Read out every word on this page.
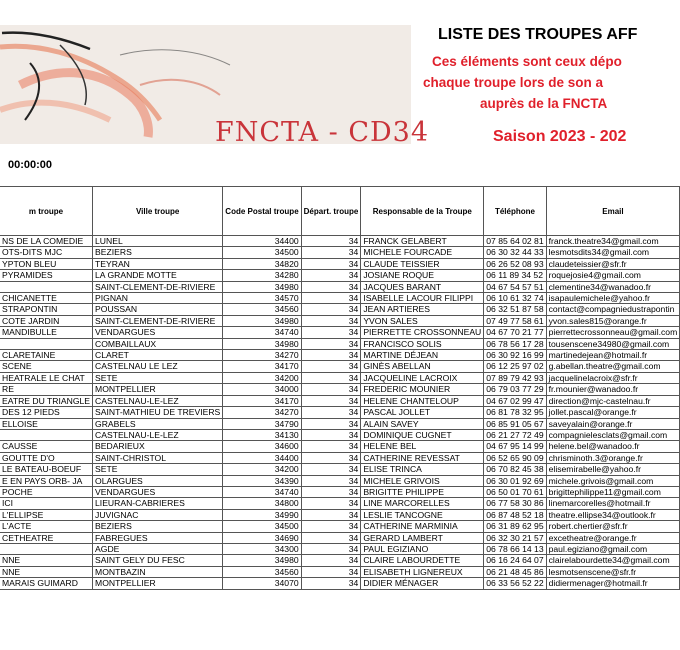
FNCTA - CD34
LISTE DES TROUPES AFF
Ces éléments sont ceux dépo
chaque troupe lors de son a
auprès de la FNCTA
Saison 2023 - 202
00:00:00
m troupe	Ville troupe	Code Postal troupe	Départ. troupe	Responsable de la Troupe	Téléphone	Email
NS DE LA COMEDIE	LUNEL	34400	34	FRANCK GELABERT	07 85 64 02 81	franck.theatre34@gmail.com
OTS-DITS MJC	BEZIERS	34500	34	MICHELE FOURCADE	06 30 32 44 33	lesmotsdits34@gmail.com
YPTON BLEU	TEYRAN	34820	34	CLAUDE TEISSIER	06 26 52 08 93	claudeteissier@sfr.fr
PYRAMIDES	LA GRANDE MOTTE	34280	34	JOSIANE ROQUE	06 11 89 34 52	roquejosie4@gmail.com
	SAINT-CLEMENT-DE-RIVIERE	34980	34	JACQUES BARANT	04 67 54 57 51	clementine34@wanadoo.fr
CHICANETTE	PIGNAN	34570	34	ISABELLE LACOUR FILIPPI	06 10 61 32 74	isapaulemichele@yahoo.fr
STRAPONTIN	POUSSAN	34560	34	JEAN ARTIERES	06 32 51 87 58	contact@compagniedustrapontin
COTE JARDIN	SAINT-CLEMENT-DE-RIVIERE	34980	34	YVON SALES	07 49 77 58 61	yvon.sales815@orange.fr
MANDIBULLE	VENDARGUES	34740	34	PIERRETTE CROSSONNEAU	04 67 70 21 77	pierrettecrossonneau@gmail.com
	COMBAILLAUX	34980	34	FRANCISCO SOLIS	06 78 56 17 28	tousenscene34980@gmail.com
CLARETAINE	CLARET	34270	34	MARTINE DÉJEAN	06 30 92 16 99	martinedejean@hotmail.fr
SCENE	CASTELNAU LE LEZ	34170	34	GINÈS ABELLAN	06 12 25 97 02	g.abellan.theatre@gmail.com
HEATRALE LE CHAT	SETE	34200	34	JACQUELINE LACROIX	07 89 79 42 93	jacquelinelacroix@sfr.fr
RE	MONTPELLIER	34000	34	FREDERIC MOUNIER	06 79 03 77 29	fr.mounier@wanadoo.fr
EATRE DU TRIANGLE	CASTELNAU-LE-LEZ	34170	34	HELENE CHANTELOUP	04 67 02 99 47	direction@mjc-castelnau.fr
DES 12 PIEDS	SAINT-MATHIEU DE TREVIERS	34270	34	PASCAL JOLLET	06 81 78 32 95	jollet.pascal@orange.fr
ELLOISE	GRABELS	34790	34	ALAIN SAVEY	06 85 91 05 67	saveyalain@orange.fr
	CASTELNAU-LE-LEZ	34130	34	DOMINIQUE CUGNET	06 21 27 72 49	compagnielesclats@gmail.com
CAUSSE	BEDARIEUX	34600	34	HELENE BEL	04 67 95 14 99	helene.bel@wanadoo.fr
GOUTTE D'O	SAINT-CHRISTOL	34400	34	CATHERINE REVESSAT	06 52 65 90 09	chrisminoth.3@orange.fr
LE BATEAU-BOEUF	SETE	34200	34	ELISE TRINCA	06 70 82 45 38	elisemirabelle@yahoo.fr
E EN PAYS ORB- JA	OLARGUES	34390	34	MICHELE GRIVOIS	06 30 01 92 69	michele.grivois@gmail.com
POCHE	VENDARGUES	34740	34	BRIGITTE PHILIPPE	06 50 01 70 61	brigittephilippe11@gmail.com
ICI	LIEURAN-CABRIERES	34800	34	LINE MARCORELLES	06 77 58 30 86	linemarcorelles@hotmail.fr
L'ELLIPSE	JUVIGNAC	34990	34	LESLIE TANCOGNE	06 87 48 52 18	theatre.ellipse34@outlook.fr
L'ACTE	BEZIERS	34500	34	CATHERINE MARMINIA	06 31 89 62 95	robert.chertier@sfr.fr
CETHEATRE	FABREGUES	34690	34	GERARD LAMBERT	06 32 30 21 57	excetheatre@orange.fr
	AGDE	34300	34	PAUL EGIZIANO	06 78 66 14 13	paul.egiziano@gmail.com
NNE	SAINT GELY DU FESC	34980	34	CLAIRE LABOURDETTE	06 16 24 64 07	clairelabourdette34@gmail.com
NNE	MONTBAZIN	34560	34	ELISABETH LIGNEREUX	06 21 48 45 86	lesmotsenscene@sfr.fr
MARAIS GUIMARD	MONTPELLIER	34070	34	DIDIER MÉNAGER	06 33 56 52 22	didiermenager@hotmail.fr
